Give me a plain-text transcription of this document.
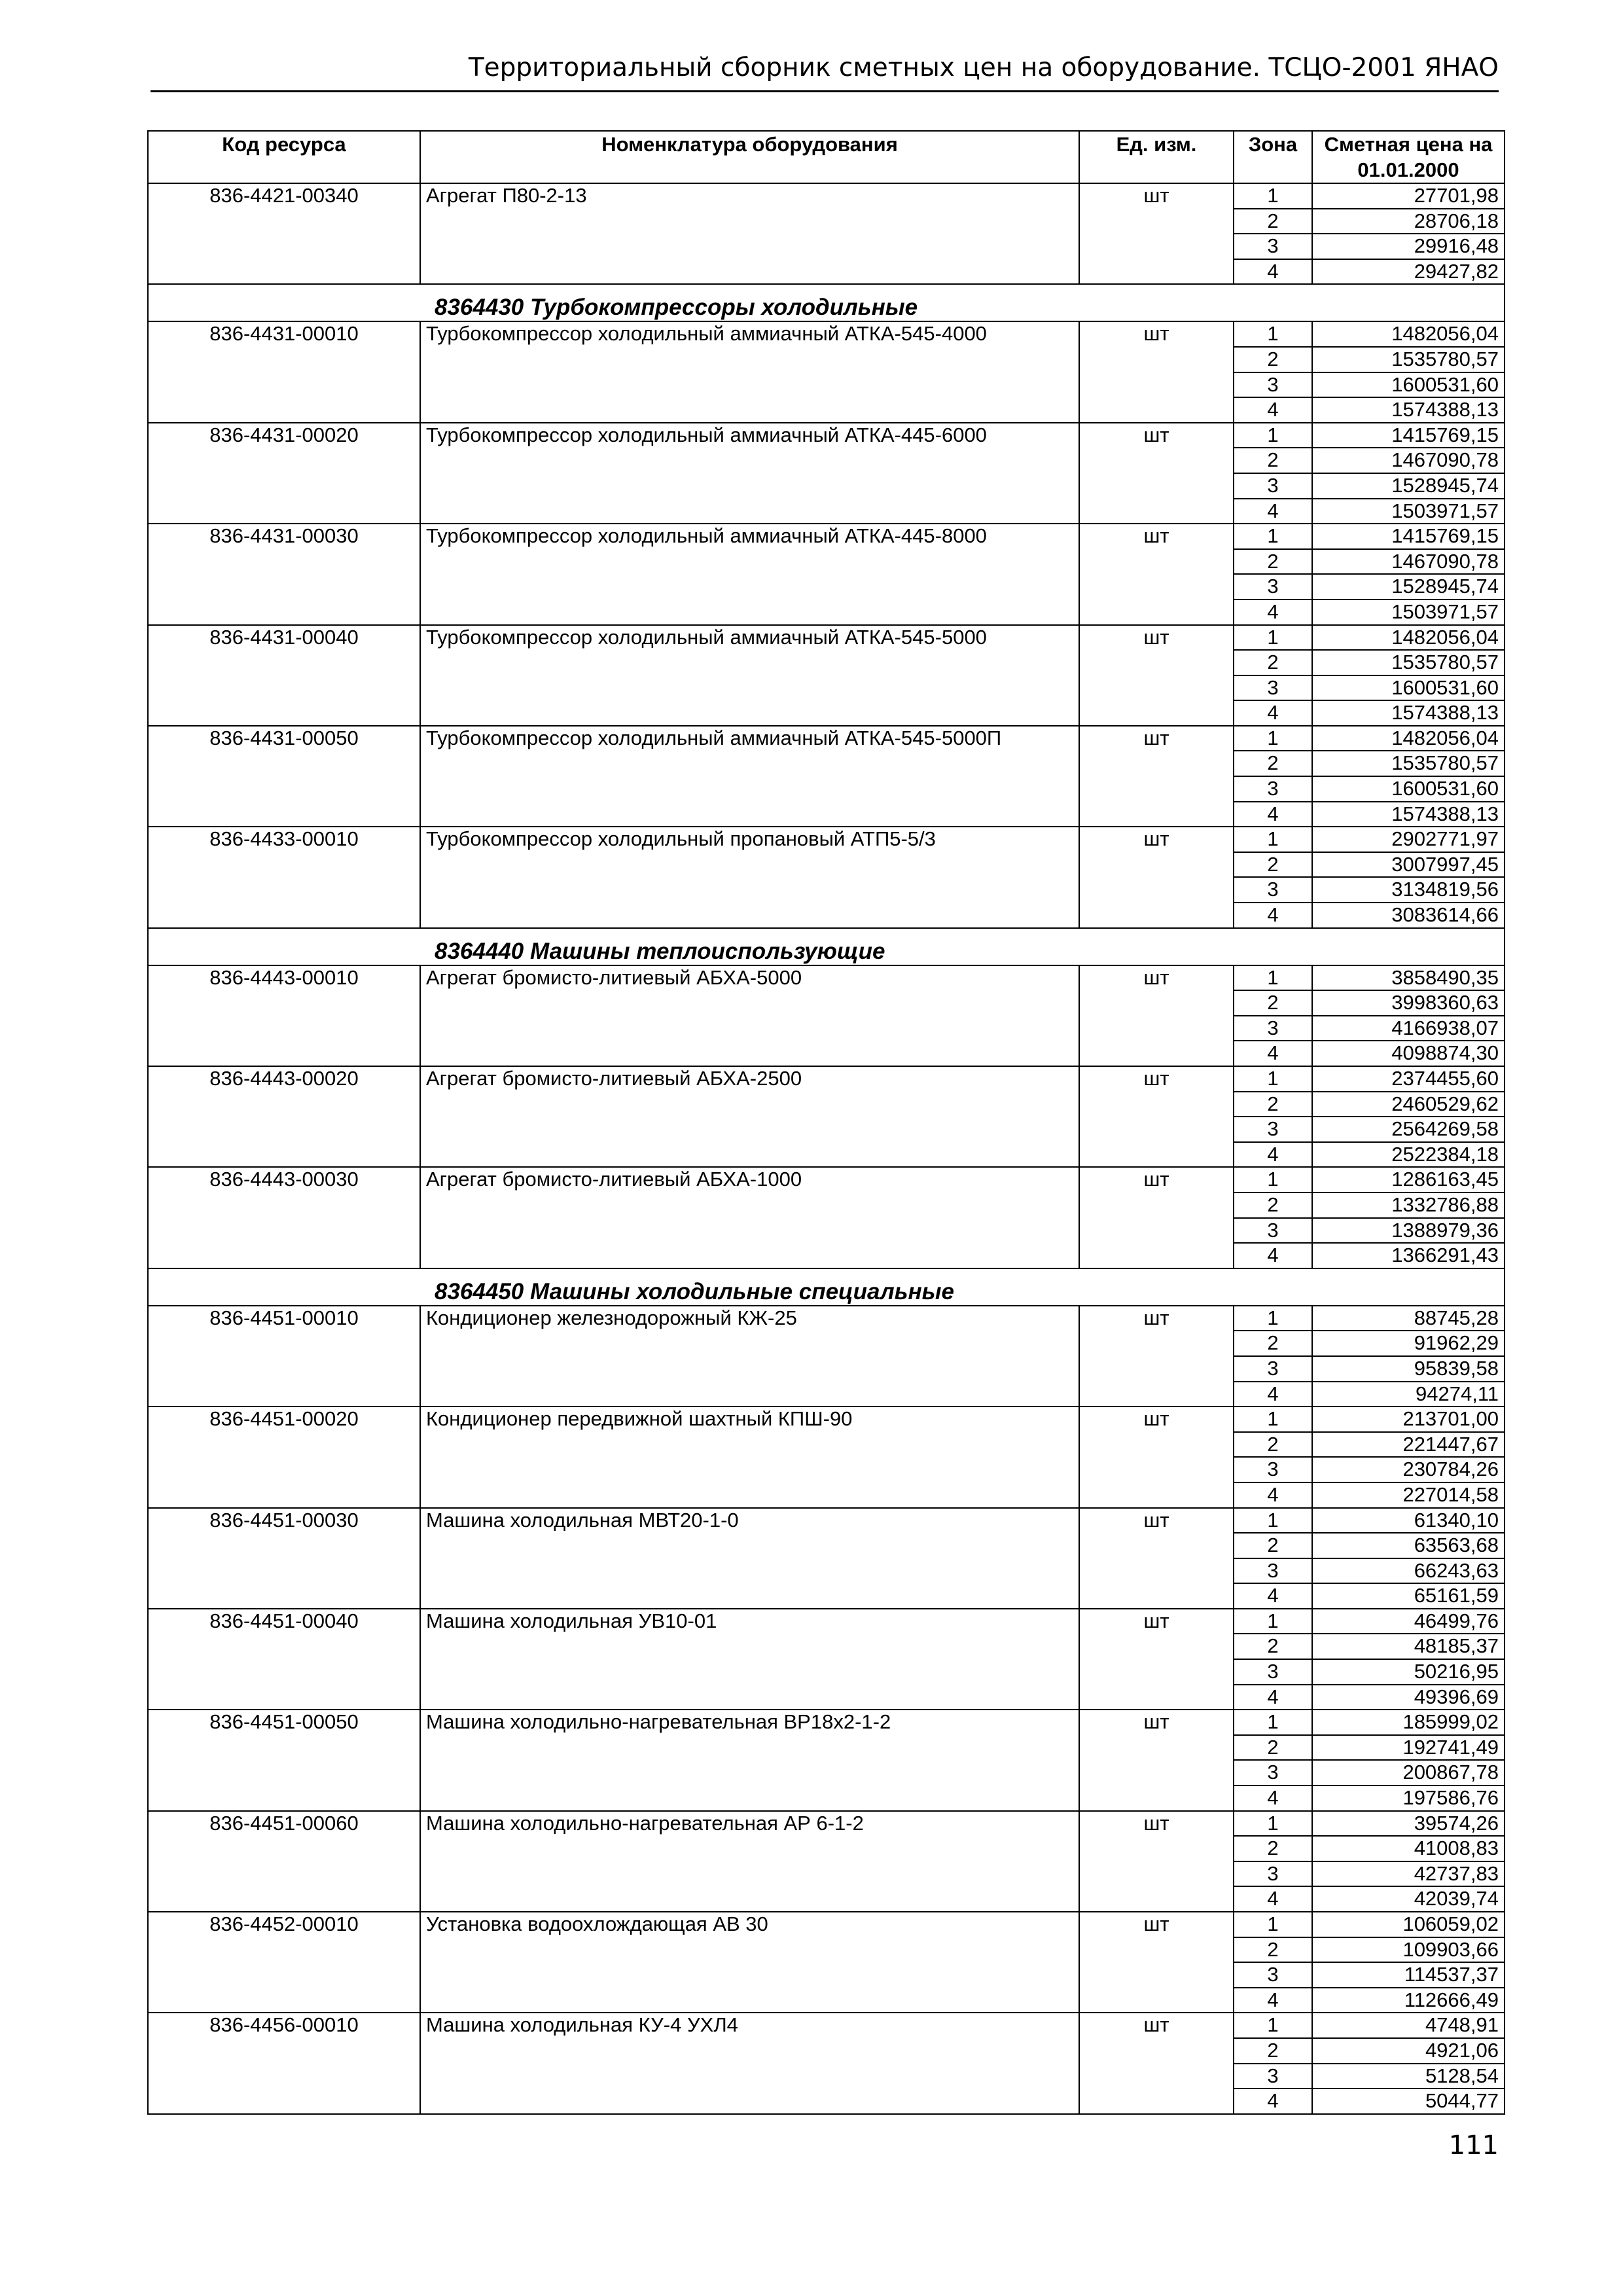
Территориальный сборник сметных цен на оборудование. ТСЦО-2001 ЯНАО
Код ресурса	Номенклатура оборудования	Ед. изм.	Зона	Сметная цена на 01.01.2000
836-4421-00340	Агрегат П80-2-13	шт	1	27701,98
			2	28706,18
			3	29916,48
			4	29427,82
	8364430 Турбокомпрессоры холодильные			
836-4431-00010	Турбокомпрессор холодильный аммиачный АТКА-545-4000	шт	1	1482056,04
			2	1535780,57
			3	1600531,60
			4	1574388,13
836-4431-00020	Турбокомпрессор холодильный аммиачный АТКА-445-6000	шт	1	1415769,15
			2	1467090,78
			3	1528945,74
			4	1503971,57
836-4431-00030	Турбокомпрессор холодильный аммиачный АТКА-445-8000	шт	1	1415769,15
			2	1467090,78
			3	1528945,74
			4	1503971,57
836-4431-00040	Турбокомпрессор холодильный аммиачный АТКА-545-5000	шт	1	1482056,04
			2	1535780,57
			3	1600531,60
			4	1574388,13
836-4431-00050	Турбокомпрессор холодильный аммиачный АТКА-545-5000П	шт	1	1482056,04
			2	1535780,57
			3	1600531,60
			4	1574388,13
836-4433-00010	Турбокомпрессор холодильный пропановый АТП5-5/3	шт	1	2902771,97
			2	3007997,45
			3	3134819,56
			4	3083614,66
	8364440 Машины теплоиспользующие			
836-4443-00010	Агрегат бромисто-литиевый АБХА-5000	шт	1	3858490,35
			2	3998360,63
			3	4166938,07
			4	4098874,30
836-4443-00020	Агрегат бромисто-литиевый АБХА-2500	шт	1	2374455,60
			2	2460529,62
			3	2564269,58
			4	2522384,18
836-4443-00030	Агрегат бромисто-литиевый АБХА-1000	шт	1	1286163,45
			2	1332786,88
			3	1388979,36
			4	1366291,43
	8364450 Машины холодильные специальные			
836-4451-00010	Кондиционер железнодорожный КЖ-25	шт	1	88745,28
			2	91962,29
			3	95839,58
			4	94274,11
836-4451-00020	Кондиционер передвижной шахтный КПШ-90	шт	1	213701,00
			2	221447,67
			3	230784,26
			4	227014,58
836-4451-00030	Машина холодильная МВТ20-1-0	шт	1	61340,10
			2	63563,68
			3	66243,63
			4	65161,59
836-4451-00040	Машина холодильная УВ10-01	шт	1	46499,76
			2	48185,37
			3	50216,95
			4	49396,69
836-4451-00050	Машина холодильно-нагревательная ВР18х2-1-2	шт	1	185999,02
			2	192741,49
			3	200867,78
			4	197586,76
836-4451-00060	Машина холодильно-нагревательная АР 6-1-2	шт	1	39574,26
			2	41008,83
			3	42737,83
			4	42039,74
836-4452-00010	Установка водоохлождающая АВ 30	шт	1	106059,02
			2	109903,66
			3	114537,37
			4	112666,49
836-4456-00010	Машина холодильная КУ-4 УХЛ4	шт	1	4748,91
			2	4921,06
			3	5128,54
			4	5044,77
111
